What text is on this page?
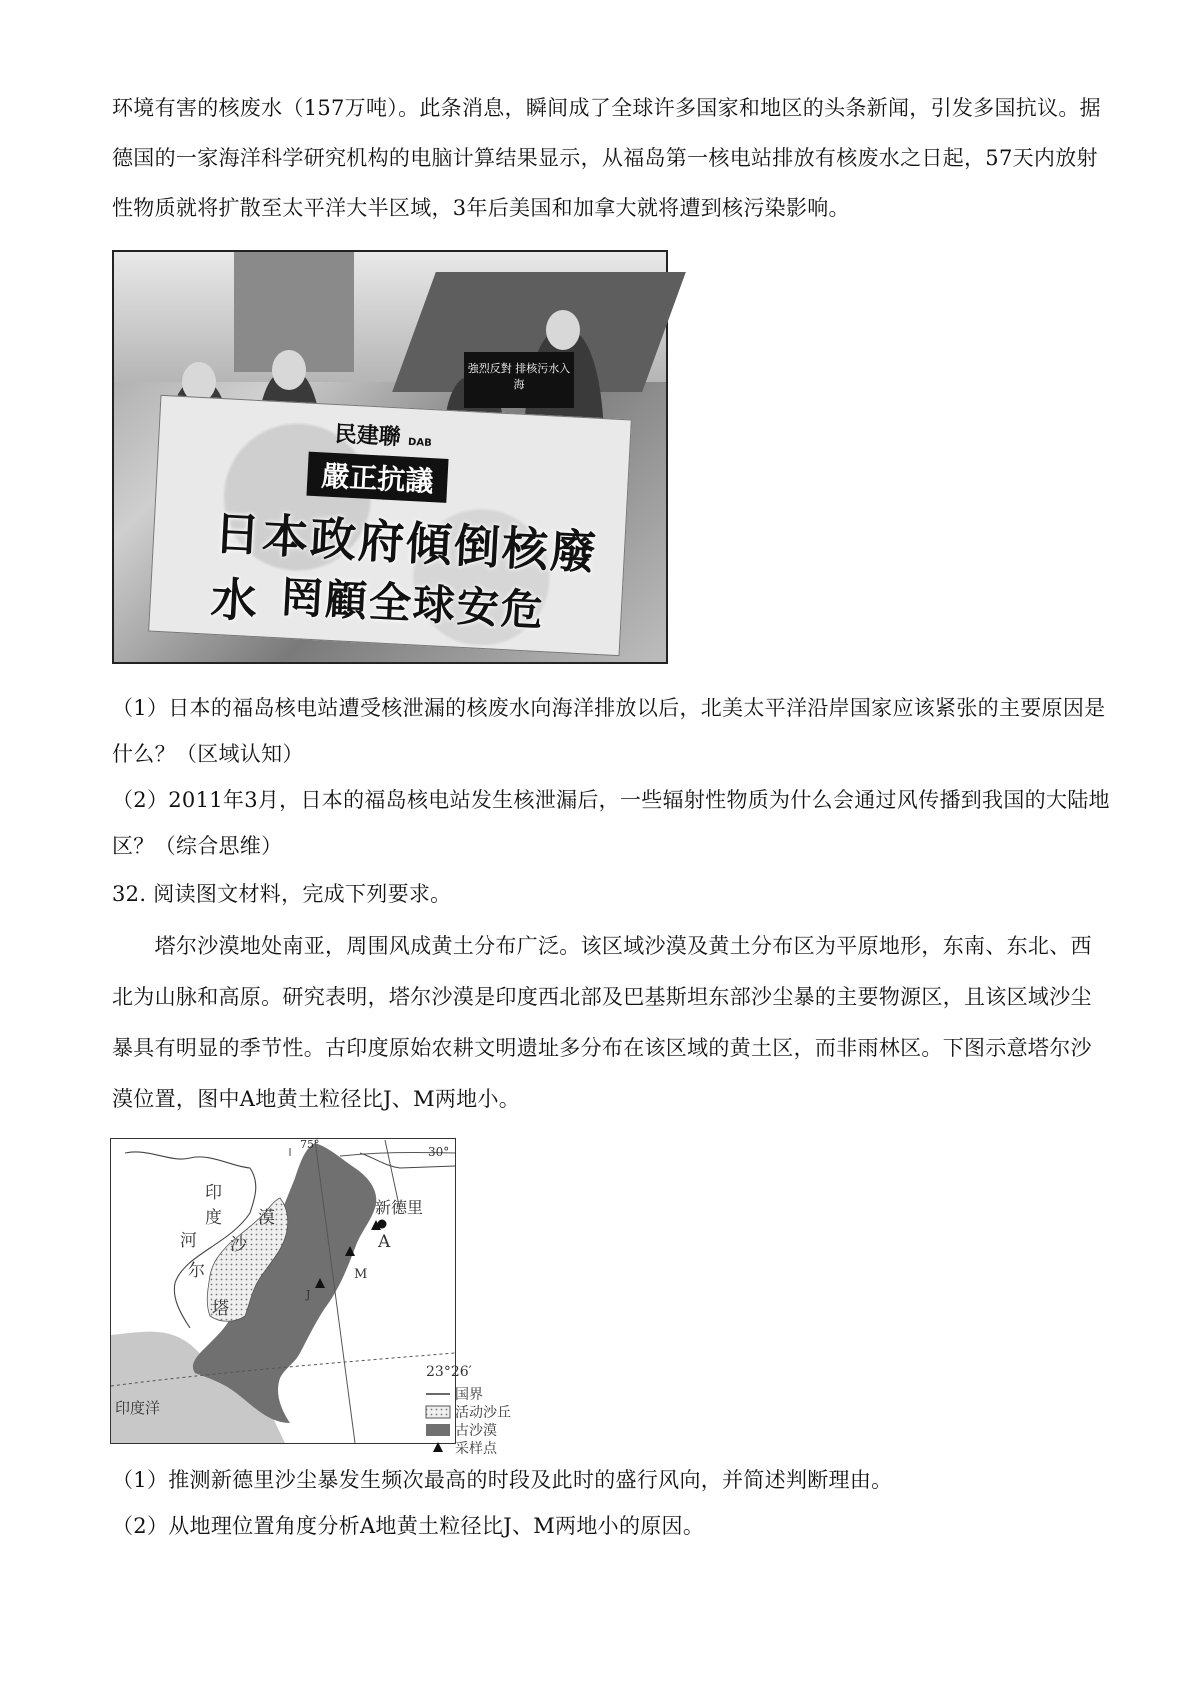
环境有害的核废水（157万吨）。此条消息，瞬间成了全球许多国家和地区的头条新闻，引发多国抗议。据
德国的一家海洋科学研究机构的电脑计算结果显示，从福岛第一核电站排放有核废水之日起，57天内放射
性物质就将扩散至太平洋大半区域，3年后美国和加拿大就将遭到核污染影响。
強烈反對 排核污水入海
民建聯 DAB
嚴正抗議
日本政府傾倒核廢水 罔顧全球安危
（1）日本的福岛核电站遭受核泄漏的核废水向海洋排放以后，北美太平洋沿岸国家应该紧张的主要原因是
什么？（区域认知）
（2）2011年3月，日本的福岛核电站发生核泄漏后，一些辐射性物质为什么会通过风传播到我国的大陆地
区？（综合思维）
32. 阅读图文材料，完成下列要求。
　　塔尔沙漠地处南亚，周围风成黄土分布广泛。该区域沙漠及黄土分布区为平原地形，东南、东北、西
北为山脉和高原。研究表明，塔尔沙漠是印度西北部及巴基斯坦东部沙尘暴的主要物源区，且该区域沙尘
暴具有明显的季节性。古印度原始农耕文明遗址多分布在该区域的黄土区，而非雨林区。下图示意塔尔沙
漠位置，图中A地黄土粒径比J、M两地小。
75°
30°
新德里
A
M
J
印
度
河
漠
沙
尔
塔
印度洋
23°26′
国界
活动沙丘
古沙漠
采样点
（1）推测新德里沙尘暴发生频次最高的时段及此时的盛行风向，并简述判断理由。
（2）从地理位置角度分析A地黄土粒径比J、M两地小的原因。
